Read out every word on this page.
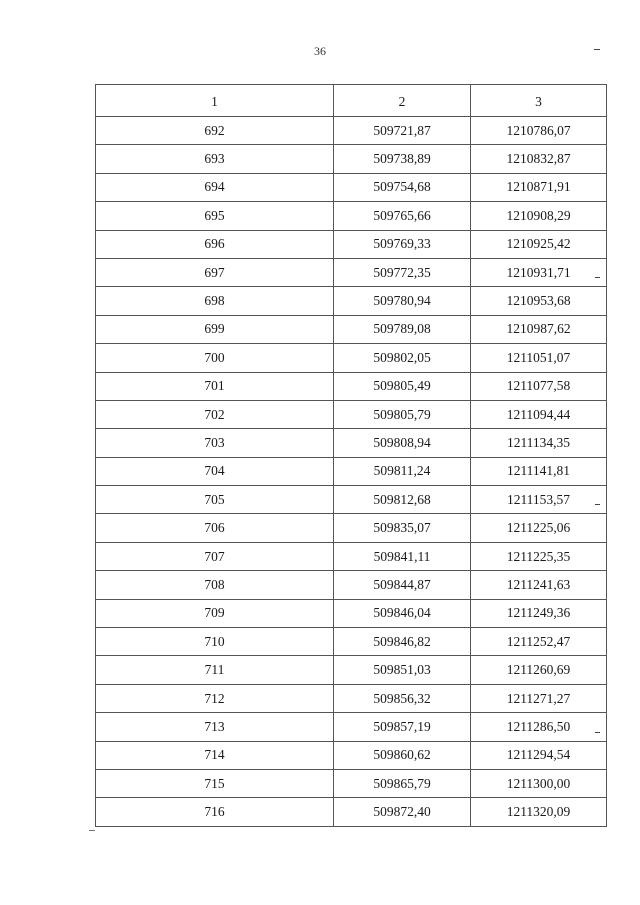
36
1	2	3
692	509721,87	1210786,07
693	509738,89	1210832,87
694	509754,68	1210871,91
695	509765,66	1210908,29
696	509769,33	1210925,42
697	509772,35	1210931,71

698	509780,94	1210953,68
699	509789,08	1210987,62
700	509802,05	1211051,07
701	509805,49	1211077,58
702	509805,79	1211094,44
703	509808,94	1211134,35
704	509811,24	1211141,81
705	509812,68	1211153,57

706	509835,07	1211225,06
707	509841,11	1211225,35
708	509844,87	1211241,63
709	509846,04	1211249,36
710	509846,82	1211252,47
711	509851,03	1211260,69
712	509856,32	1211271,27
713	509857,19	1211286,50

714	509860,62	1211294,54
715	509865,79	1211300,00
716	509872,40	1211320,09
